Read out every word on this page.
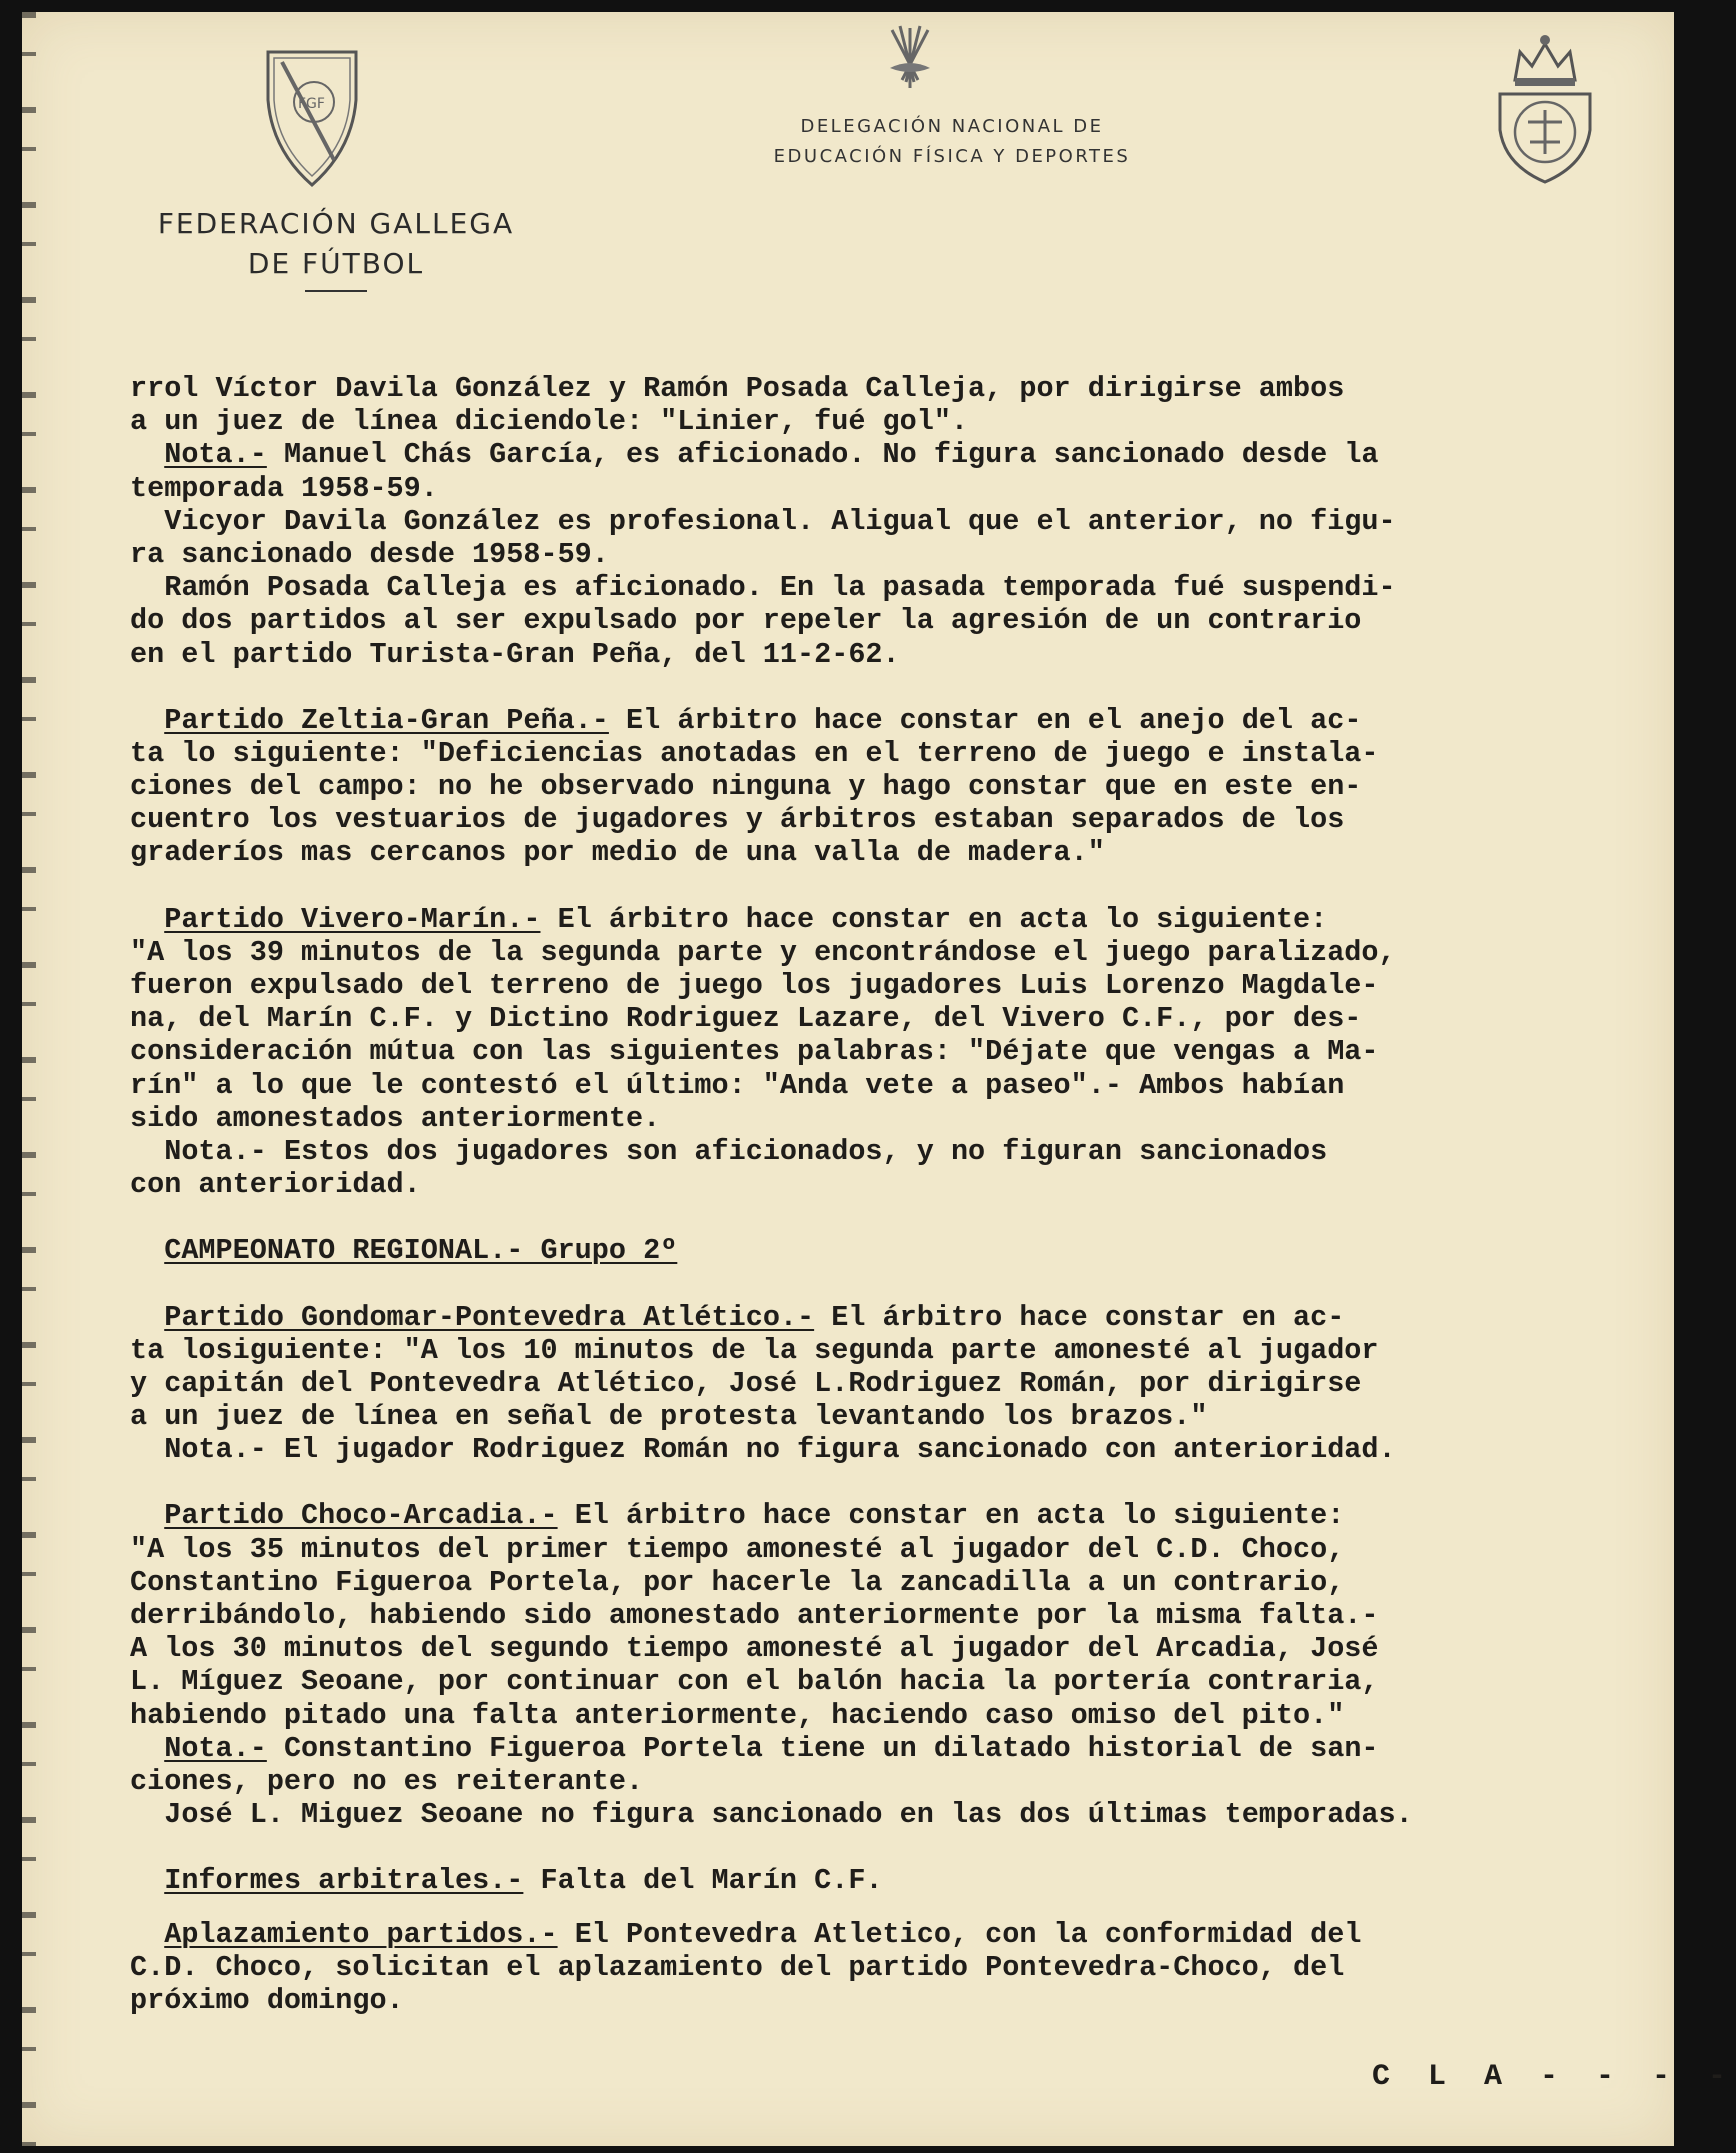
FGF
DELEGACIÓN NACIONAL DE
EDUCACIÓN FÍSICA Y DEPORTES
FEDERACIÓN GALLEGA
DE FÚTBOL
rrol Víctor Davila González y Ramón Posada Calleja, por dirigirse ambos
a un juez de línea diciendole: "Linier, fué gol".
Nota.- Manuel Chás García, es aficionado. No figura sancionado desde la
temporada 1958-59.
Vicyor Davila González es profesional. Aligual que el anterior, no figu-
ra sancionado desde 1958-59.
Ramón Posada Calleja es aficionado. En la pasada temporada fué suspendi-
do dos partidos al ser expulsado por repeler la agresión de un contrario
en el partido Turista-Gran Peña, del 11-2-62.
Partido Zeltia-Gran Peña.- El árbitro hace constar en el anejo del ac-
ta lo siguiente: "Deficiencias anotadas en el terreno de juego e instala-
ciones del campo: no he observado ninguna y hago constar que en este en-
cuentro los vestuarios de jugadores y árbitros estaban separados de los
graderíos mas cercanos por medio de una valla de madera."
Partido Vivero-Marín.- El árbitro hace constar en acta lo siguiente:
"A los 39 minutos de la segunda parte y encontrándose el juego paralizado,
fueron expulsado del terreno de juego los jugadores Luis Lorenzo Magdale-
na, del Marín C.F. y Dictino Rodriguez Lazare, del Vivero C.F., por des-
consideración mútua con las siguientes palabras: "Déjate que vengas a Ma-
rín" a lo que le contestó el último: "Anda vete a paseo".- Ambos habían
sido amonestados anteriormente.
Nota.- Estos dos jugadores son aficionados, y no figuran sancionados
con anterioridad.
CAMPEONATO REGIONAL.- Grupo 2º
Partido Gondomar-Pontevedra Atlético.- El árbitro hace constar en ac-
ta losiguiente: "A los 10 minutos de la segunda parte amonesté al jugador
y capitán del Pontevedra Atlético, José L.Rodriguez Román, por dirigirse
a un juez de línea en señal de protesta levantando los brazos."
Nota.- El jugador Rodriguez Román no figura sancionado con anterioridad.
Partido Choco-Arcadia.- El árbitro hace constar en acta lo siguiente:
"A los 35 minutos del primer tiempo amonesté al jugador del C.D. Choco,
Constantino Figueroa Portela, por hacerle la zancadilla a un contrario,
derribándolo, habiendo sido amonestado anteriormente por la misma falta.-
A los 30 minutos del segundo tiempo amonesté al jugador del Arcadia, José
L. Míguez Seoane, por continuar con el balón hacia la portería contraria,
habiendo pitado una falta anteriormente, haciendo caso omiso del pito."
Nota.- Constantino Figueroa Portela tiene un dilatado historial de san-
ciones, pero no es reiterante.
José L. Miguez Seoane no figura sancionado en las dos últimas temporadas.
Informes arbitrales.- Falta del Marín C.F.
Aplazamiento partidos.- El Pontevedra Atletico, con la conformidad del
C.D. Choco, solicitan el aplazamiento del partido Pontevedra-Choco, del
próximo domingo.
C L A - - - -
